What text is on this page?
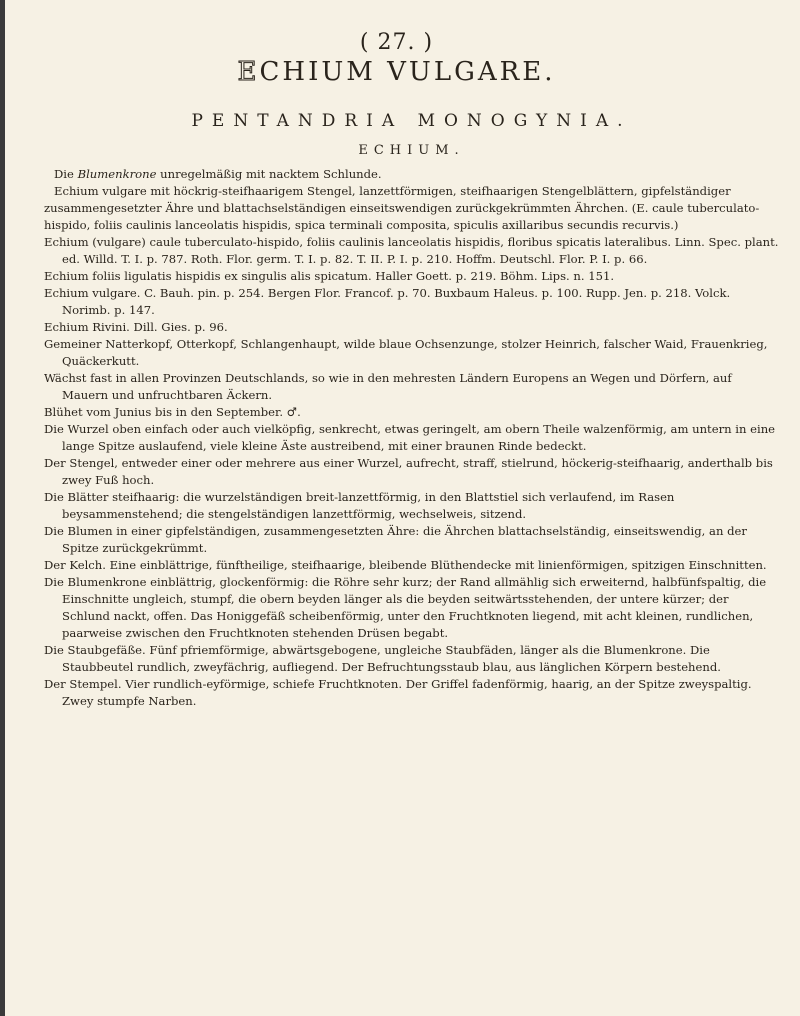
( 27. )
ECHIUM VULGARE.
PENTANDRIA MONOGYNIA.
ECHIUM.

Die Blumenkrone unregelmäßig mit nacktem Schlunde.

Echium vulgare mit höckrig-steifhaarigem Stengel, lanzettförmigen, steifhaarigen Stengelblättern, gipfelständiger zusammengesetzter Ähre und blattachselständigen einseitswendigen zurückgekrümmten Ährchen. (E. caule tuberculato-hispido, foliis caulinis lanceolatis hispidis, spica terminali composita, spiculis axillaribus secundis recurvis.)

Echium (vulgare) caule tuberculato-hispido, foliis caulinis lanceolatis hispidis, floribus spicatis lateralibus. Linn. Spec. plant. ed. Willd. T. I. p. 787. Roth. Flor. germ. T. I. p. 82. T. II. P. I. p. 210. Hoffm. Deutschl. Flor. P. I. p. 66.

Echium foliis ligulatis hispidis ex singulis alis spicatum. Haller Goett. p. 219. Böhm. Lips. n. 151.

Echium vulgare. C. Bauh. pin. p. 254. Bergen Flor. Francof. p. 70. Buxbaum Haleus. p. 100. Rupp. Jen. p. 218. Volck. Norimb. p. 147.

Echium Rivini. Dill. Gies. p. 96.

Gemeiner Natterkopf, Otterkopf, Schlangenhaupt, wilde blaue Ochsenzunge, stolzer Heinrich, falscher Waid, Frauenkrieg, Quäckerkutt.

Wächst fast in allen Provinzen Deutschlands, so wie in den mehresten Ländern Europens an Wegen und Dörfern, auf Mauern und unfruchtbaren Äckern.

Blühet vom Junius bis in den September. ♂.

Die Wurzel oben einfach oder auch vielköpfig, senkrecht, etwas geringelt, am obern Theile walzenförmig, am untern in eine lange Spitze auslaufend, viele kleine Äste austreibend, mit einer braunen Rinde bedeckt.

Der Stengel, entweder einer oder mehrere aus einer Wurzel, aufrecht, straff, stielrund, höckerig-steifhaarig, anderthalb bis zwey Fuß hoch.

Die Blätter steifhaarig: die wurzelständigen breit-lanzettförmig, in den Blattstiel sich verlaufend, im Rasen beysammenstehend; die stengelständigen lanzettförmig, wechselweis, sitzend.

Die Blumen in einer gipfelständigen, zusammengesetzten Ähre: die Ährchen blattachselständig, einseitswendig, an der Spitze zurückgekrümmt.

Der Kelch. Eine einblättrige, fünftheilige, steifhaarige, bleibende Blüthendecke mit linienförmigen, spitzigen Einschnitten.

Die Blumenkrone einblättrig, glockenförmig: die Röhre sehr kurz; der Rand allmählig sich erweiternd, halbfünfspaltig, die Einschnitte ungleich, stumpf, die obern beyden länger als die beyden seitwärtsstehenden, der untere kürzer; der Schlund nackt, offen. Das Honiggefäß scheibenförmig, unter den Fruchtknoten liegend, mit acht kleinen, rundlichen, paarweise zwischen den Fruchtknoten stehenden Drüsen begabt.

Die Staubgefäße. Fünf pfriemförmige, abwärtsgebogene, ungleiche Staubfäden, länger als die Blumenkrone. Die Staubbeutel rundlich, zweyfächrig, aufliegend. Der Befruchtungsstaub blau, aus länglichen Körpern bestehend.

Der Stempel. Vier rundlich-eyförmige, schiefe Fruchtknoten. Der Griffel fadenförmig, haarig, an der Spitze zweyspaltig. Zwey stumpfe Narben.
